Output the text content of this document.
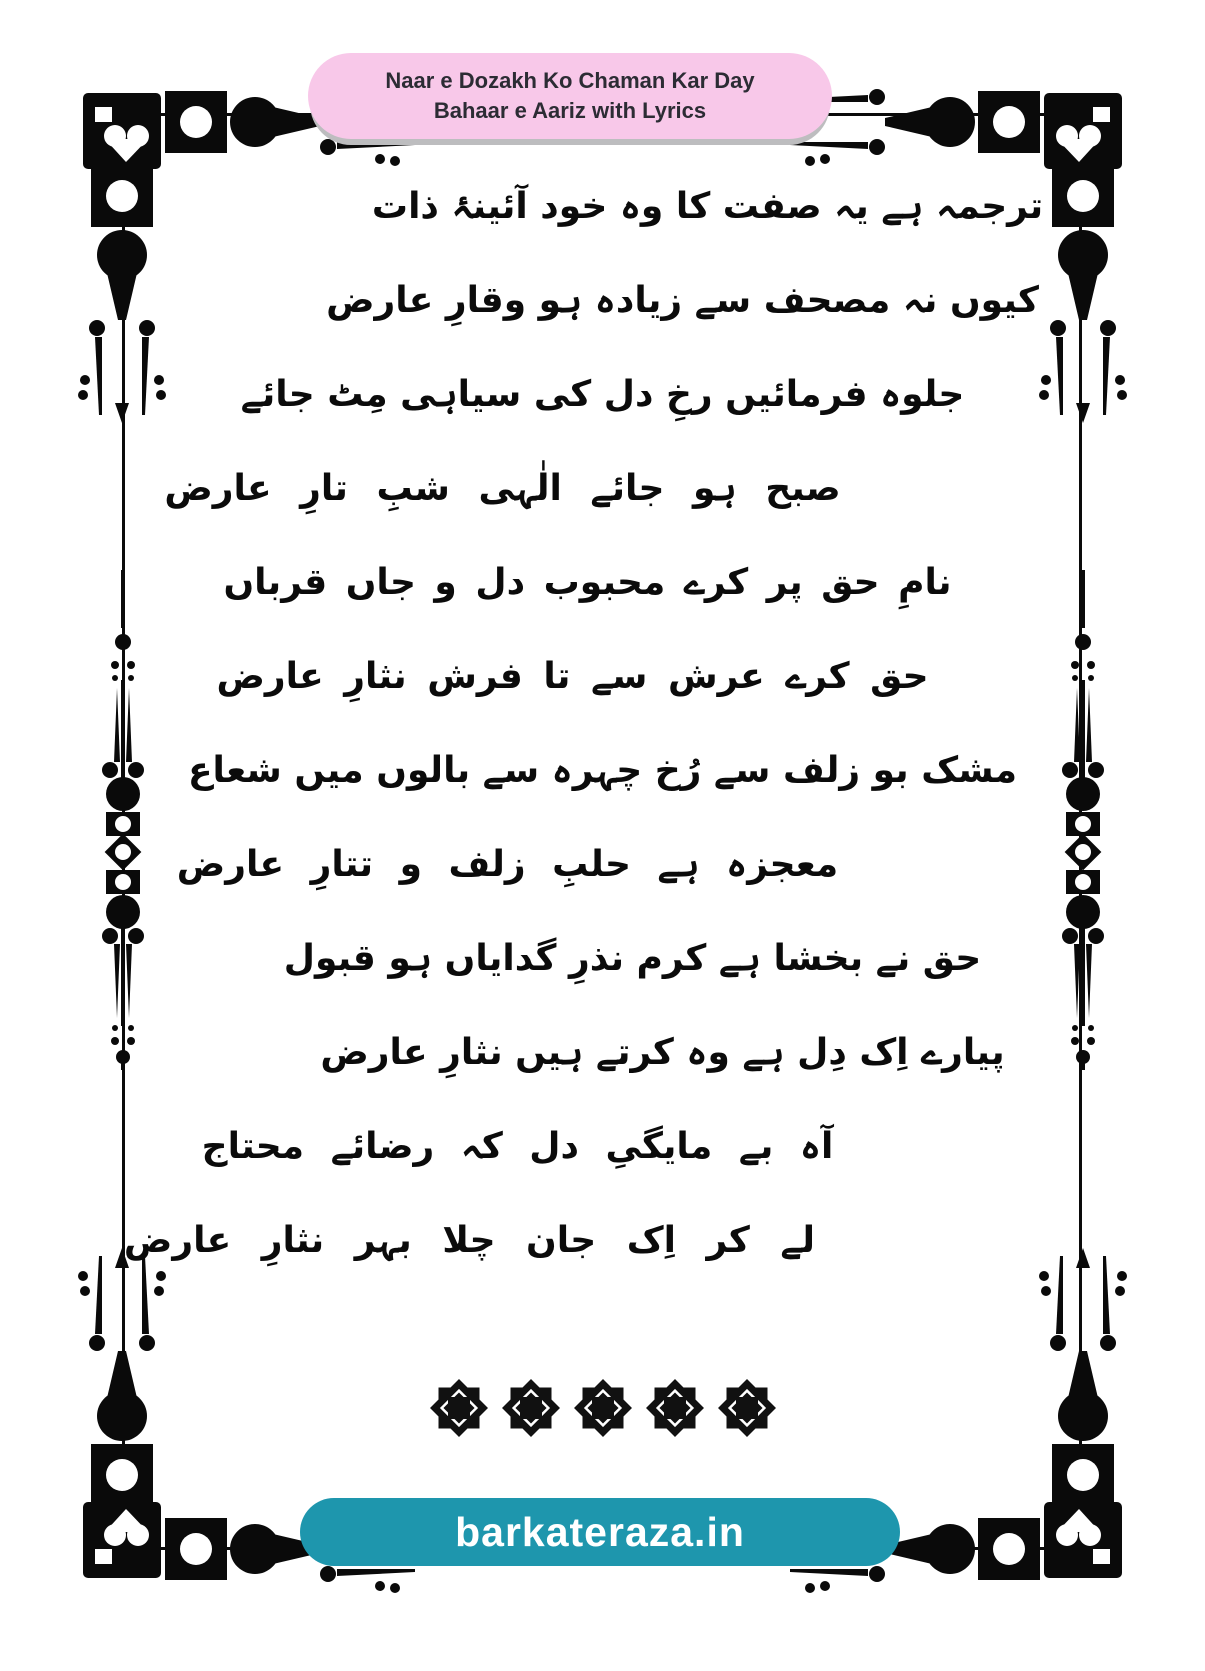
Naar e Dozakh Ko Chaman Kar Day Bahaar e Aariz with Lyrics
ترجمہ ہے یہ صفت کا وہ خود آئینۂ ذات
کیوں نہ مصحف سے زیادہ ہو وقارِ عارض
جلوہ فرمائیں رخِ دل کی سیاہی مِٹ جائے
صبح ہو جائے الٰہی شبِ تارِ عارض
نامِ حق پر کرے محبوب دل و جاں قرباں
حق کرے عرش سے تا فرش نثارِ عارض
مشک بو زلف سے رُخ چہرہ سے بالوں میں شعاع
معجزہ ہے حلبِ زلف و تتارِ عارض
حق نے بخشا ہے کرم نذرِ گدایاں ہو قبول
پیارے اِک دِل ہے وہ کرتے ہیں نثارِ عارض
آہ بے مایگیِ دل کہ رضائے محتاج
لے کر اِک جان چلا بہر نثارِ عارض
barkateraza.in
